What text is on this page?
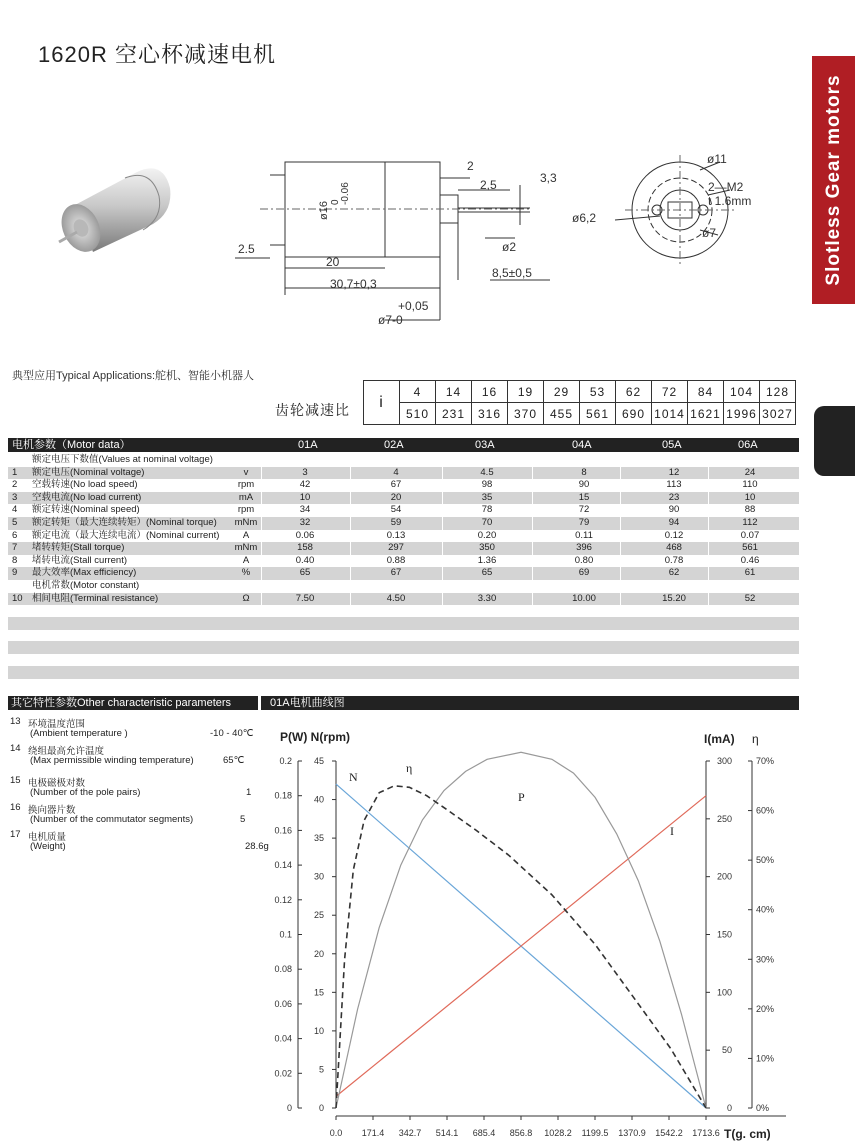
1620R 空心杯减速电机
Slotless Gear motors
2
2,5	3,3
ø11
2—M2
t 1.6mm
ø6,2
ø7
ø16 0 -0.06
2.5
20
30,7±0,3
ø2
8,5±0,5
+0,05
ø7-0
典型应用Typical Applications:舵机、智能小机器人
齿轮减速比 i	4	14	16	19	29	53	62	72	84	104	128
	510	231	316	370	455	561	690	1014	1621	1996	3027
电机参数（Motor data）	01A	02A	03A	04A	05A	06A
额定电压下数值(Values at nominal voltage)
1 额定电压(Nominal voltage)	v	3	4	4.5	8	12	24
2 空载转速(No load speed)	rpm	42	67	98	90	113	110
3 空载电流(No load current)	mA	10	20	35	15	23	10
4 额定转速(Nominal speed)	rpm	34	54	78	72	90	88
5 额定转矩（最大连续转矩）(Nominal torque) mNm	32	59	70	79	94	112
6 额定电流（最大连续电流）(Nominal current) A	0.06	0.13	0.20	0.11	0.12	0.07
7 堵转转矩(Stall torque)	mNm	158	297	350	396	468	561
8 堵转电流(Stall current)	A	0.40	0.88	1.36	0.80	0.78	0.46
9 最大效率(Max efficiency)	%	65	67	65	69	62	61
电机常数(Motor constant)
10 相间电阻(Terminal resistance)	Ω	7.50	4.50	3.30	10.00	15.20	52
其它特性参数Other characteristic parameters	01A电机曲线图
13 环境温度范围
(Ambient temperature )	-10 - 40℃
14 绕组最高允许温度
(Max permissible winding temperature)	65℃
15 电极磁极对数
(Number of the pole pairs)	1
16 换向器片数
(Number of the commutator segments)	5
17 电机质量
(Weight)	28.6g
0
0.02
0.04
0.06
0.08
0.1
0.12
0.14
0.16
0.18
0.2
0
5
10
15
20
25
30
35
40
45
0
50
100
150
200
250
300
0%
10%
20%
30%
40%
50%
60%
70%
0.0 171.4 342.7 514.1 685.4 856.8 1028.2 1199.5 1370.9 1542.2 1713.6
P(W) N(rpm)	I(mA) η
T(g. cm)
N
I
P
η
